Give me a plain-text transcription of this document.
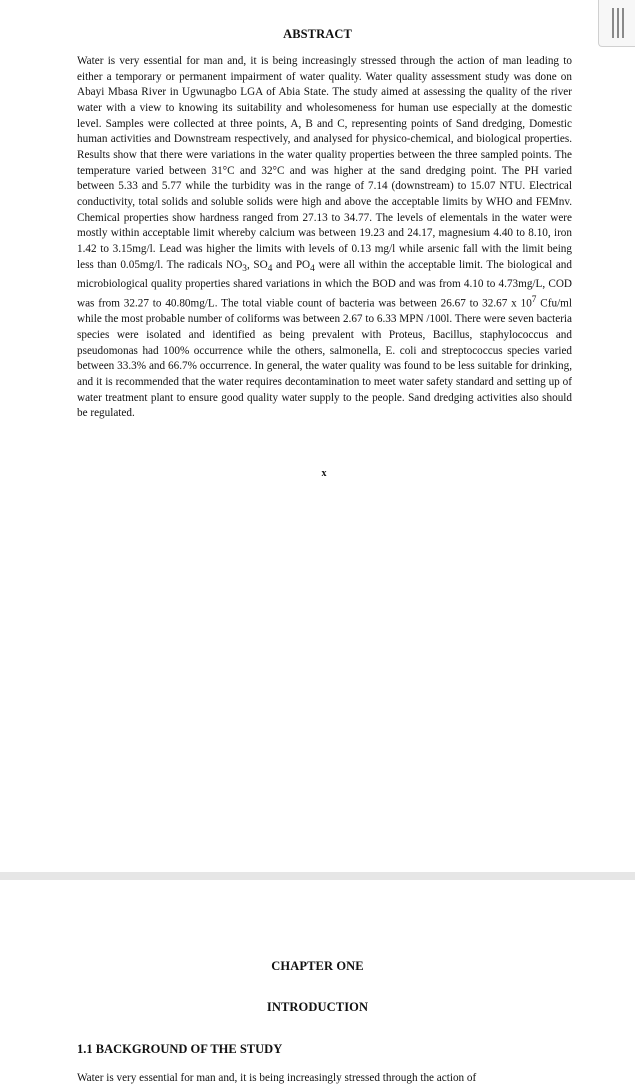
ABSTRACT

Water is very essential for man and, it is being increasingly stressed through the action of man leading to either a temporary or permanent impairment of water quality. Water quality assessment study was done on Abayi Mbasa River in Ugwunagbo LGA of Abia State. The study aimed at assessing the quality of the river water with a view to knowing its suitability and wholesomeness for human use especially at the domestic level. Samples were collected at three points, A, B and C, representing points of Sand dredging, Domestic human activities and Downstream respectively, and analysed for physico-chemical, and biological properties. Results show that there were variations in the water quality properties between the three sampled points. The temperature varied between 31°C and 32°C and was higher at the sand dredging point. The PH varied between 5.33 and 5.77 while the turbidity was in the range of 7.14 (downstream) to 15.07 NTU. Electrical conductivity, total solids and soluble solids were high and above the acceptable limits by WHO and FEMnv. Chemical properties show hardness ranged from 27.13 to 34.77. The levels of elementals in the water were mostly within acceptable limit whereby calcium was between 19.23 and 24.17, magnesium 4.40 to 8.10, iron 1.42 to 3.15mg/l. Lead was higher the limits with levels of 0.13 mg/l while arsenic fall with the limit being less than 0.05mg/l. The radicals $NO_3$, $SO_4$ and $PO_4$ were all within the acceptable limit. The biological and microbiological quality properties shared variations in which the BOD and was from 4.10 to 4.73mg/L, COD was from 32.27 to 40.80mg/L. The total viable count of bacteria was between 26.67 to 32.67 x $10^7$ Cfu/ml while the most probable number of coliforms was between 2.67 to 6.33 MPN /100l. There were seven bacteria species were isolated and identified as being prevalent with Proteus, Bacillus, staphylococcus and pseudomonas had 100% occurrence while the others, salmonella, E. coli and streptococcus species varied between 33.3% and 66.7% occurrence. In general, the water quality was found to be less suitable for drinking, and it is recommended that the water requires decontamination to meet water safety standard and setting up of water treatment plant to ensure good quality water supply to the people. Sand dredging activities also should be regulated.

x
CHAPTER ONE
INTRODUCTION
1.1 BACKGROUND OF THE STUDY
Water is very essential for man and, it is being increasingly stressed through the action of
